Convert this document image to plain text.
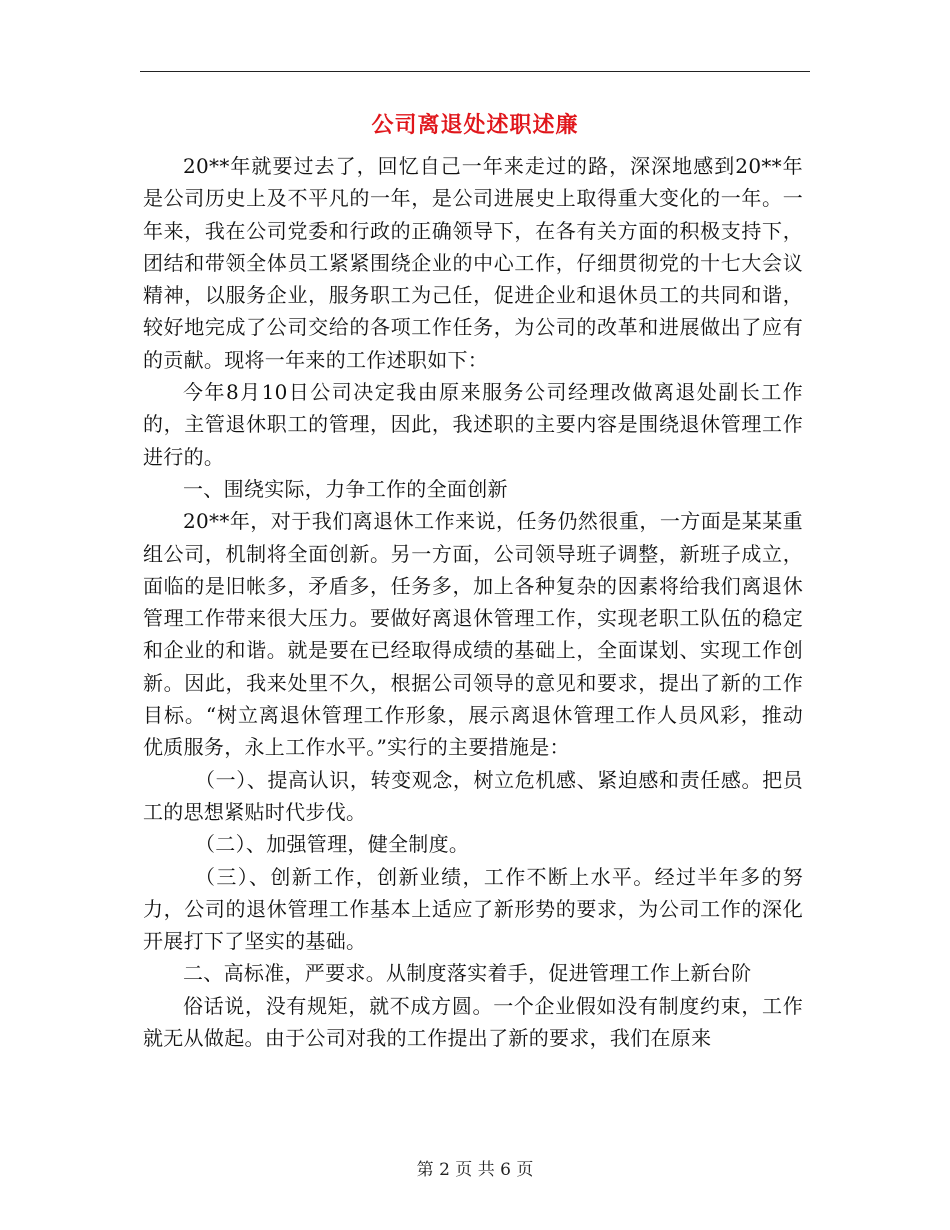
公司离退处述职述廉

20**年就要过去了，回忆自己一年来走过的路，深深地感到20**年是公司历史上及不平凡的一年，是公司进展史上取得重大变化的一年。一年来，我在公司党委和行政的正确领导下，在各有关方面的积极支持下，团结和带领全体员工紧紧围绕企业的中心工作，仔细贯彻党的十七大会议精神，以服务企业，服务职工为己任，促进企业和退休员工的共同和谐，较好地完成了公司交给的各项工作任务，为公司的改革和进展做出了应有的贡献。现将一年来的工作述职如下：

今年8月10日公司决定我由原来服务公司经理改做离退处副长工作的，主管退休职工的管理，因此，我述职的主要内容是围绕退休管理工作进行的。

一、围绕实际，力争工作的全面创新

20**年，对于我们离退休工作来说，任务仍然很重，一方面是某某重组公司，机制将全面创新。另一方面，公司领导班子调整，新班子成立，面临的是旧帐多，矛盾多，任务多，加上各种复杂的因素将给我们离退休管理工作带来很大压力。要做好离退休管理工作，实现老职工队伍的稳定和企业的和谐。就是要在已经取得成绩的基础上，全面谋划、实现工作创新。因此，我来处里不久，根据公司领导的意见和要求，提出了新的工作目标。“树立离退休管理工作形象，展示离退休管理工作人员风彩，推动优质服务，永上工作水平。”实行的主要措施是：

（一）、提高认识，转变观念，树立危机感、紧迫感和责任感。把员工的思想紧贴时代步伐。

（二）、加强管理，健全制度。

（三）、创新工作，创新业绩，工作不断上水平。经过半年多的努力，公司的退休管理工作基本上适应了新形势的要求，为公司工作的深化开展打下了坚实的基础。

二、高标准，严要求。从制度落实着手，促进管理工作上新台阶

俗话说，没有规矩，就不成方圆。一个企业假如没有制度约束，工作就无从做起。由于公司对我的工作提出了新的要求，我们在原来

第 2 页 共 6 页
